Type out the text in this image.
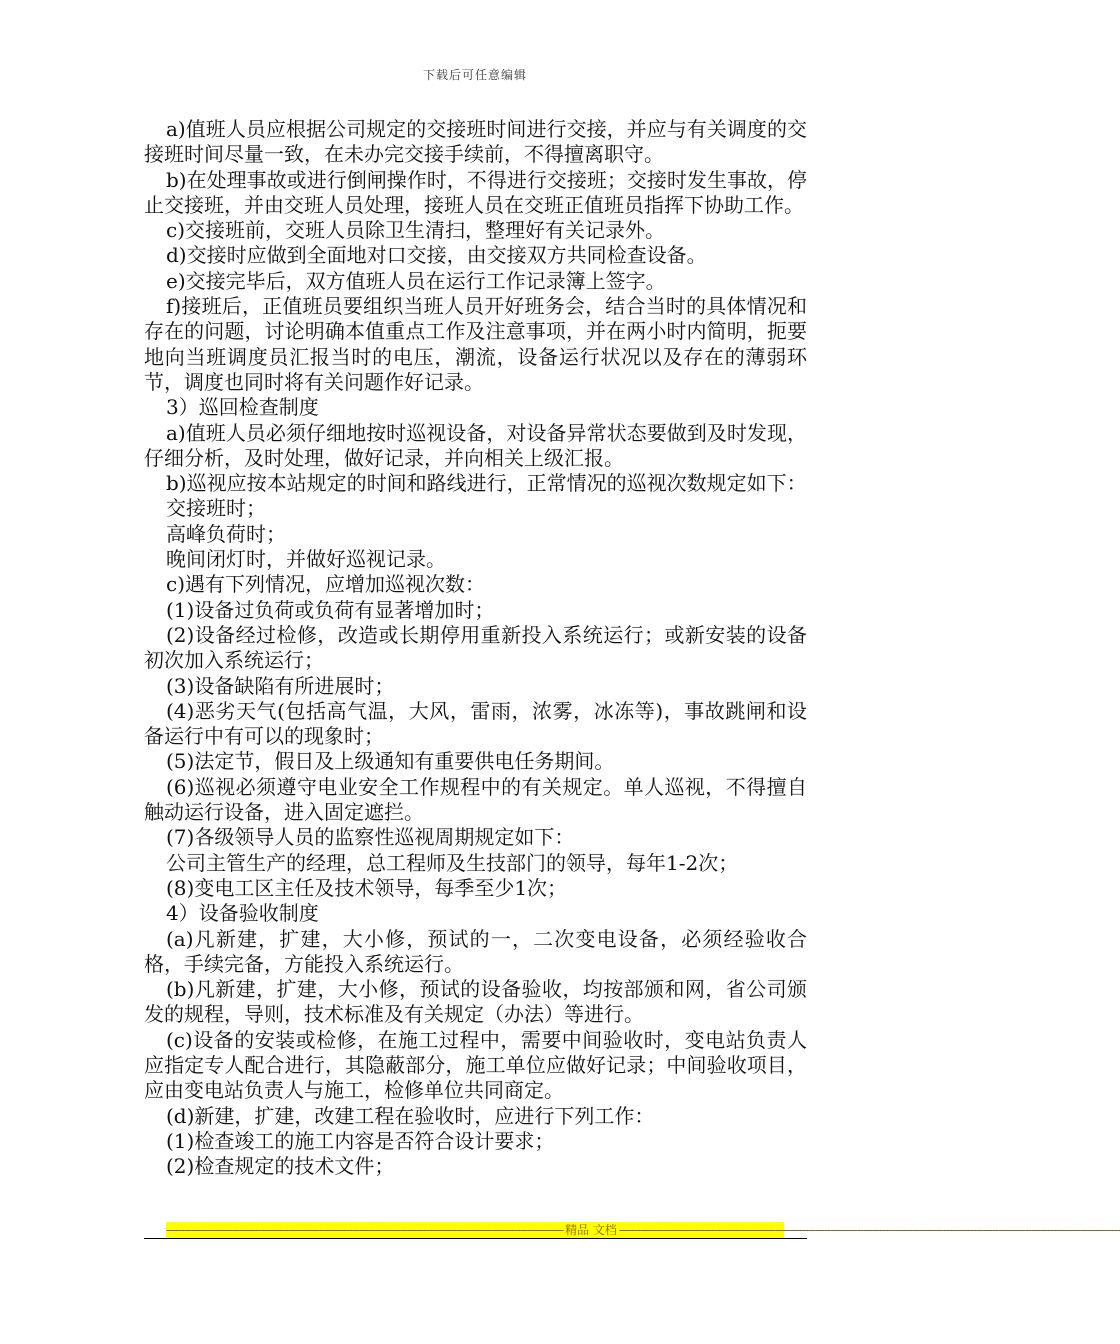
下载后可任意编辑

a)值班人员应根据公司规定的交接班时间进行交接，并应与有关调度的交接班时间尽量一致，在未办完交接手续前，不得擅离职守。

b)在处理事故或进行倒闸操作时，不得进行交接班；交接时发生事故，停止交接班，并由交班人员处理，接班人员在交班正值班员指挥下协助工作。

c)交接班前，交班人员除卫生清扫，整理好有关记录外。

d)交接时应做到全面地对口交接，由交接双方共同检查设备。

e)交接完毕后，双方值班人员在运行工作记录簿上签字。

f)接班后，正值班员要组织当班人员开好班务会，结合当时的具体情况和存在的问题，讨论明确本值重点工作及注意事项，并在两小时内简明，扼要地向当班调度员汇报当时的电压，潮流，设备运行状况以及存在的薄弱环节，调度也同时将有关问题作好记录。

3）巡回检查制度

a)值班人员必须仔细地按时巡视设备，对设备异常状态要做到及时发现，仔细分析，及时处理，做好记录，并向相关上级汇报。

b)巡视应按本站规定的时间和路线进行，正常情况的巡视次数规定如下：

交接班时；

高峰负荷时；

晚间闭灯时，并做好巡视记录。

c)遇有下列情况，应增加巡视次数：

(1)设备过负荷或负荷有显著增加时；

(2)设备经过检修，改造或长期停用重新投入系统运行；或新安装的设备初次加入系统运行；

(3)设备缺陷有所进展时；

(4)恶劣天气(包括高气温，大风，雷雨，浓雾，冰冻等)，事故跳闸和设备运行中有可以的现象时；

(5)法定节，假日及上级通知有重要供电任务期间。

(6)巡视必须遵守电业安全工作规程中的有关规定。单人巡视，不得擅自触动运行设备，进入固定遮拦。

(7)各级领导人员的监察性巡视周期规定如下：

公司主管生产的经理，总工程师及生技部门的领导，每年1-2次；

(8)变电工区主任及技术领导，每季至少1次；

4）设备验收制度

(a)凡新建，扩建，大小修，预试的一，二次变电设备，必须经验收合格，手续完备，方能投入系统运行。

(b)凡新建，扩建，大小修，预试的设备验收，均按部颁和网，省公司颁发的规程，导则，技术标准及有关规定（办法）等进行。

(c)设备的安装或检修，在施工过程中，需要中间验收时，变电站负责人应指定专人配合进行，其隐蔽部分，施工单位应做好记录；中间验收项目，应由变电站负责人与施工，检修单位共同商定。

(d)新建，扩建，改建工程在验收时，应进行下列工作：

(1)检查竣工的施工内容是否符合设计要求；

(2)检查规定的技术文件；

---------------------------------------------------------------------------------------------------------------------------------- 精品 文档 --------------------------------------------------------------------------------------------------------------------------------------------------------------------
